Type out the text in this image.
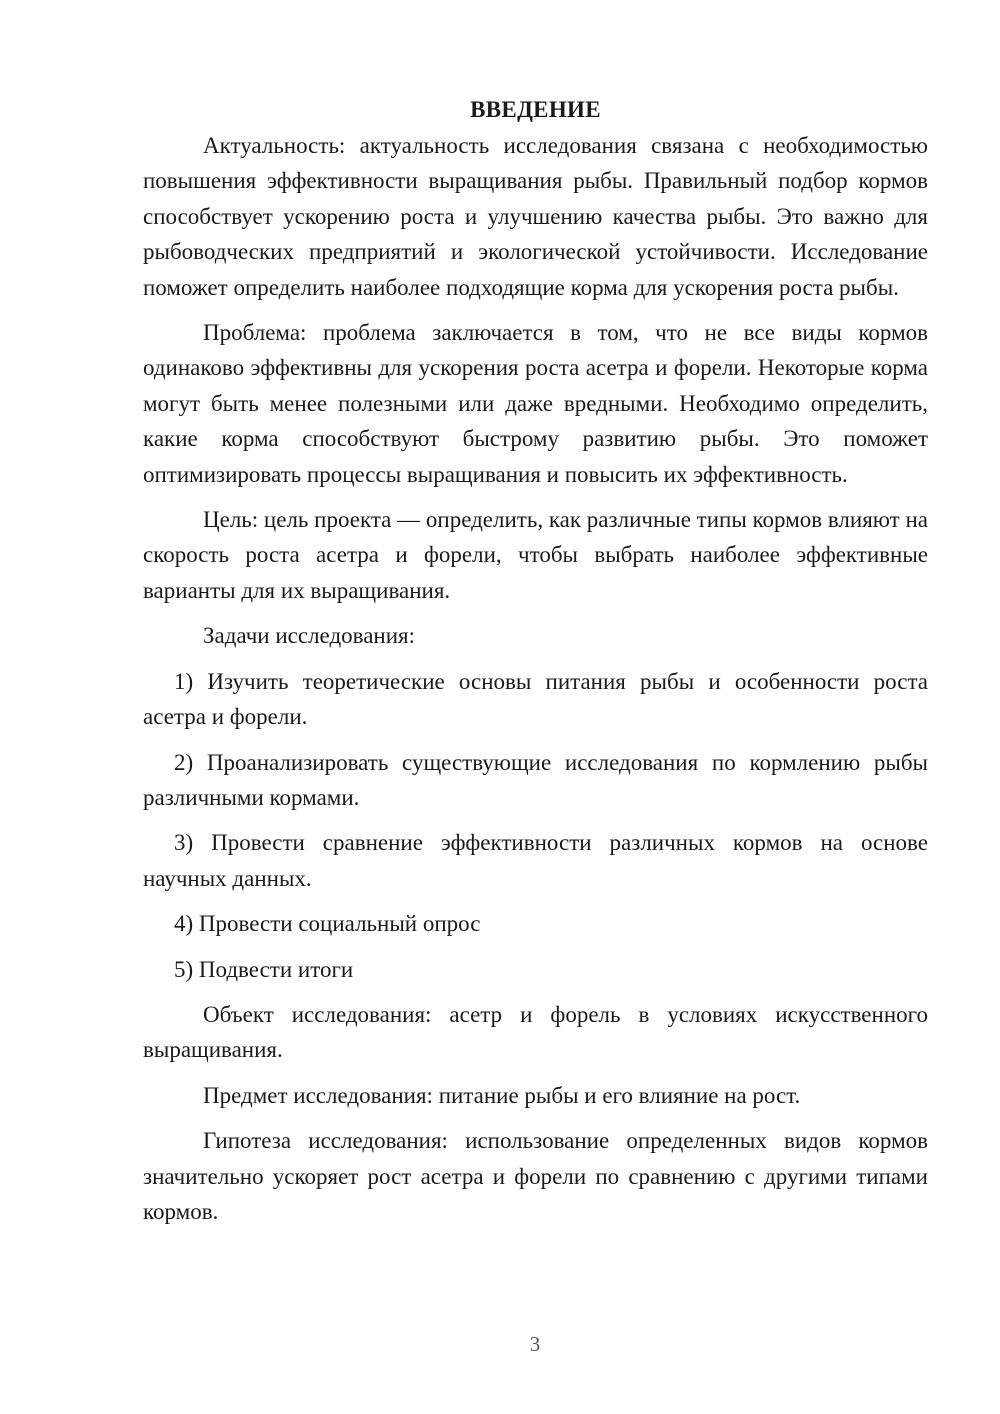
ВВЕДЕНИЕ

Актуальность: актуальность исследования связана с необходимостью повышения эффективности выращивания рыбы. Правильный подбор кормов способствует ускорению роста и улучшению качества рыбы. Это важно для рыбоводческих предприятий и экологической устойчивости. Исследование поможет определить наиболее подходящие корма для ускорения роста рыбы.

Проблема: проблема заключается в том, что не все виды кормов одинаково эффективны для ускорения роста асетра и форели. Некоторые корма могут быть менее полезными или даже вредными. Необходимо определить, какие корма способствуют быстрому развитию рыбы. Это поможет оптимизировать процессы выращивания и повысить их эффективность.

Цель: цель проекта — определить, как различные типы кормов влияют на скорость роста асетра и форели, чтобы выбрать наиболее эффективные варианты для их выращивания.

Задачи исследования:

1) Изучить теоретические основы питания рыбы и особенности роста асетра и форели.

2) Проанализировать существующие исследования по кормлению рыбы различными кормами.

3) Провести сравнение эффективности различных кормов на основе научных данных.

4) Провести социальный опрос

5) Подвести итоги

Объект исследования: асетр и форель в условиях искусственного выращивания.

Предмет исследования: питание рыбы и его влияние на рост.

Гипотеза исследования: использование определенных видов кормов значительно ускоряет рост асетра и форели по сравнению с другими типами кормов.

3
